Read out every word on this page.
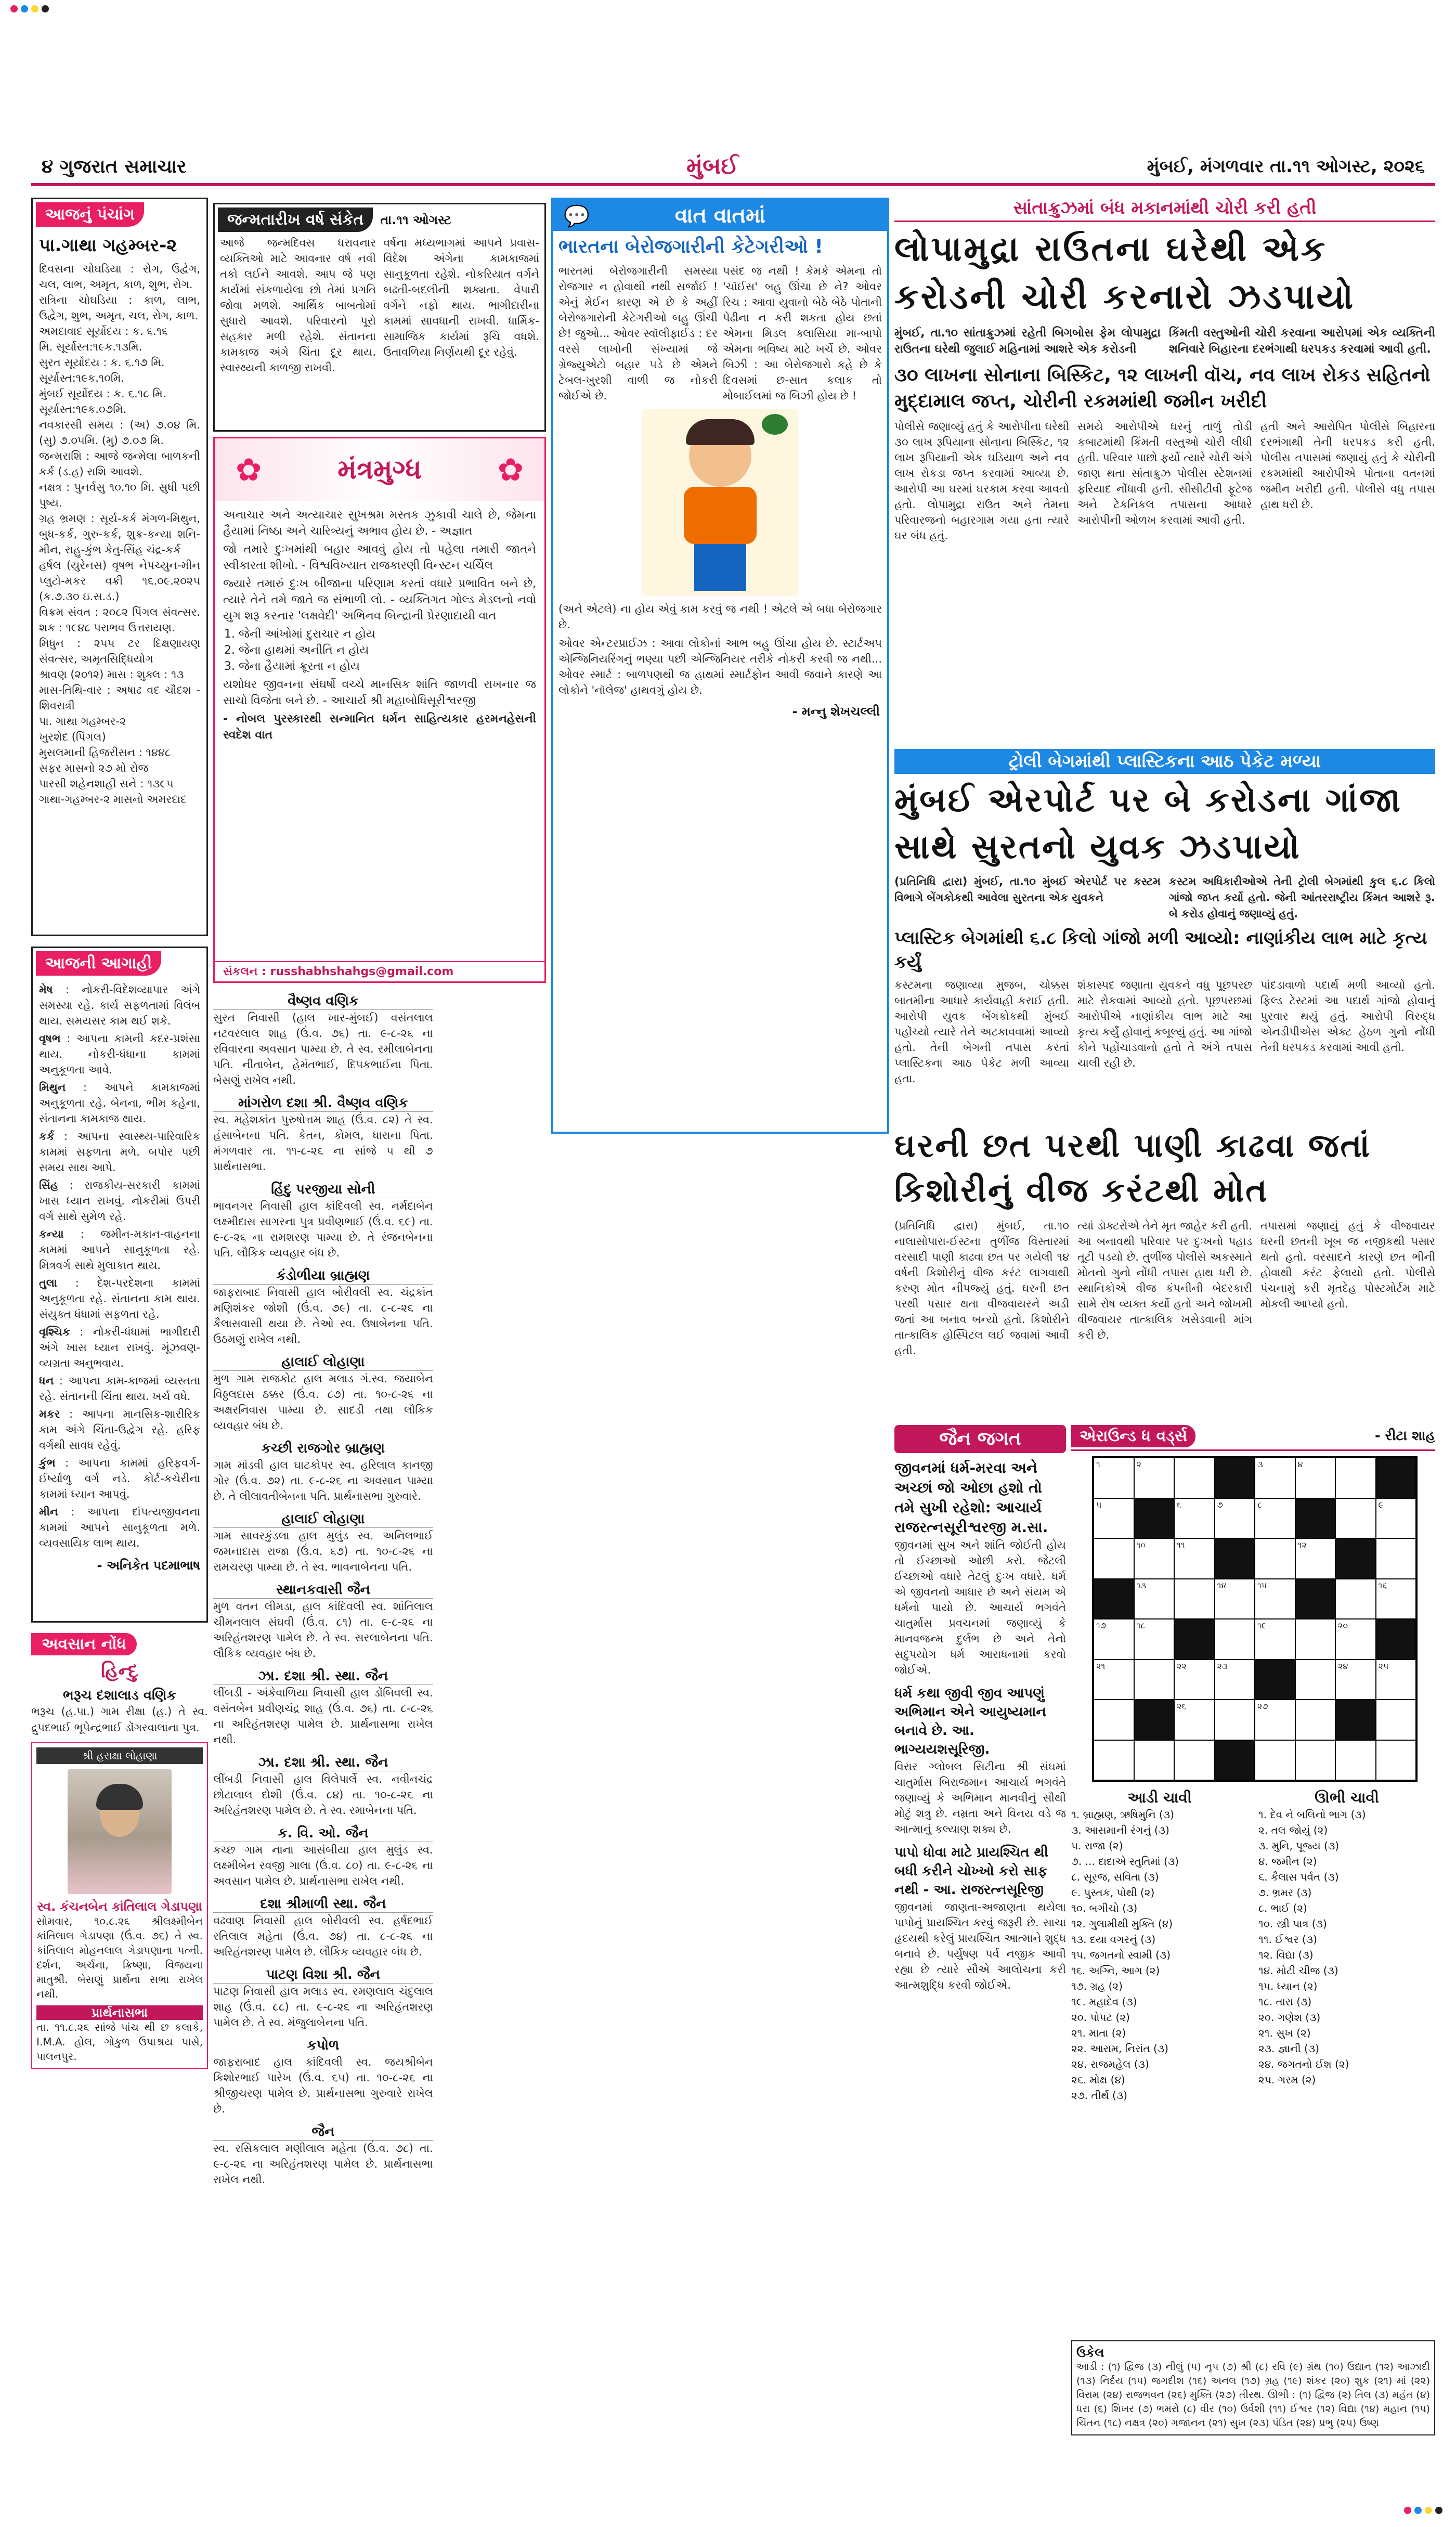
૪ ગુજરાત સમાચાર	મુંબઈ	મુંબઈ, મંગળવાર તા.૧૧ ઓગસ્ટ, ૨૦૨૬
આજનું પંચાંગ
પા.ગાથા ગહમ્બર-૨
દિવસના ચોઘડિયા : રોગ, ઉદ્વેગ, ચલ, લાભ, અમૃત, કાળ, શુભ, રોગ.
રાત્રિના ચોઘડિયા : કાળ, લાભ, ઉદ્વેગ, શુભ, અમૃત, ચલ, રોગ, કાળ.
અમદાવાદ સૂર્યોદય : ક. ૬.૧૬
મિ. સૂર્યાસ્ત:૧૯ક.૧૩મિ.
સુરત સૂર્યોદય : ક. ૬.૧૭ મિ.
સૂર્યાસ્ત:૧૯ક.૧૦મિ.
મુંબઈ સૂર્યોદય : ક. ૬.૧૮ મિ.
સૂર્યાસ્ત:૧૯ક.૦૭મિ.
નવકારસી સમય : (અ) ૭.૦૪ મિ. (સુ) ૭.૦૫મિ. (મુ) ૭.૦૭ મિ.
જન્મરાશિ : આજે જન્મેલા બાળકની કર્ક (ડ.હ) રાશિ આવશે.
નક્ષત્ર : પુનર્વસુ ૧૦.૧૦ મિ. સુધી પછી પુષ્ય.
ગ્રહ ભ્રમણ : સૂર્ય-કર્ક મંગળ-મિથુન, બુધ-કર્ક, ગુરુ-કર્ક, શુક્ર-કન્યા શનિ-મીન, રાહુ-કુંભ કેતુ-સિંહ ચંદ્ર-કર્ક
હર્ષલ (યુરેનસ) વૃષભ નેપચ્યુન-મીન પ્લુટો-મકર વક્રી ૧૬.૦૯.૨૦૨૫ (ક.૭.૩૦ ઇ.સ.ડ.)
વિક્રમ સંવત : ૨૦૮૨ પિંગલ સંવત્સર. શક : ૧૯૪૮ પરાભવ ઉત્તરાયણ.
મિધુન : ૨૫૫ ટર દિક્ષણાયણ સંવત્સર, અમૃતસિદ્ધિયોગ
શ્રાવણ (૨૦૧૨) માસ : શુક્લ : ૧૩
માસ-તિથિ-વાર : અષાઢ વદ ચૌદશ - શિવરાત્રી
પા. ગાથા ગહમ્બર-૨
ખુરશેદ (પિંગલ)
મુસલમાની હિજરીસન : ૧૪૪૮
સફર માસનો ૨૭ મો રોજ
પારસી શહેનશાહી સને : ૧૩૯૫
ગાથા-ગહમ્બર-૨ માસનો અમરદાદ
આજની આગાહી
મેષ : નોકરી-વિદેશવ્યાપાર અંગે સમસ્યા રહે. કાર્ય સફળતામાં વિલંબ થાય. સમયસર કામ થઈ શકે.
વૃષભ : આપના કામની કદર-પ્રશંસા થાય. નોકરી-ધંધાના કામમાં અનુકૂળતા આવે.
મિથુન : આપને કામકાજમાં અનુકૂળતા રહે. બેનના, ભીમ કહેના, સંતાનના કામકાજ થાય.
કર્ક : આપના સ્વાસ્થ્ય-પારિવારિક કામમાં સફળતા મળે. બપોર પછી સમય સાથ આપે.
સિંહ : રાજકીય-સરકારી કામમાં ખાસ ધ્યાન રાખવું. નોકરીમાં ઉપરી વર્ગ સાથે સુમેળ રહે.
કન્યા : જમીન-મકાન-વાહનના કામમાં આપને સાનુકૂળતા રહે. મિત્રવર્ગ સાથે મુલાકાત થાય.
તુલા : દેશ-પરદેશના કામમાં અનુકૂળતા રહે. સંતાનના કામ થાય. સંયુક્ત ધંધામાં સફળતા રહે.
વૃશ્ચિક : નોકરી-ધંધામાં ભાગીદારી અંગે ખાસ ધ્યાન રાખવું. મૂંઝવણ-વ્યગ્રતા અનુભવાય.
ધન : આપના કામ-કાજમાં વ્યસ્તતા રહે. સંતાનની ચિંતા થાય. ખર્ચ વધે.
મકર : આપના માનસિક-શારીરિક કામ અંગે ચિંતા-ઉદ્વેગ રહે. હરિફ વર્ગથી સાવધ રહેવું.
કુંભ : આપના કામમાં હરિફવર્ગ-ઈર્ષ્યાળુ વર્ગ નડે. કોર્ટ-કચેરીના કામમાં ધ્યાન આપવું.
મીન : આપના દાંપત્યજીવનના કામમાં આપને સાનુકૂળતા મળે. વ્યવસાયિક લાભ થાય.
- અનિકેત પદમાભાષ
અવસાન નોંધ
હિન્દુ
ભરૂચ દશાલાડ વણિક
ભરૂચ (હ.પા.) ગામ રીક્ષા (હ.) તે સ્વ. દ્રુપદભાઈ ભૂપેન્દ્રભાઈ ડોંગરવાલાના પુત્ર.
શ્રી હરાક્ષા લોહાણા
સ્વ. કંચનબેન કાંતિલાલ ગેડાપણા
સોમવાર, ૧૦.૮.૨૬ શ્રીલક્ષ્મીબેન કાંતિલાલ ગેડાપણા (ઉં.વ. ૭૬) તે સ્વ. કાંતિલાલ મોહનલાલ ગેડાપણાના પત્ની. દર્શન, અર્ચના, ક્રિષ્ણા, વિજયના માતુશ્રી. બેસણું પ્રાર્થના સભા રાખેલ નથી.
પ્રાર્થનાસભા
તા. ૧૧.૮.૨૬ સાંજે પાંચ થી છ કલાકે, I.M.A. હોલ, ગોકુળ ઉપાશ્રય પાસે, પાલનપુર.
જન્મતારીખ વર્ષ સંકેત	તા.૧૧ ઓગસ્ટ
આજે જન્મદિવસ ધરાવનાર વ્યક્તિઓ માટે આવનાર વર્ષ નવી તકો લઈને આવશે. આપ જે પણ કાર્યમાં સંકળાયેલા છો તેમાં પ્રગતિ જોવા મળશે. આર્થિક બાબતોમાં સુધારો આવશે. પરિવારનો પૂરો સહકાર મળી રહેશે. સંતાનના કામકાજ અંગે ચિંતા દૂર થાય. સ્વાસ્થ્યની કાળજી રાખવી.
વર્ષના મધ્યભાગમાં આપને પ્રવાસ-વિદેશ અંગેના કામકાજમાં સાનુકૂળતા રહેશે. નોકરિયાત વર્ગને બઢતી-બદલીની શક્યતા. વેપારી વર્ગને નફો થાય. ભાગીદારીના કામમાં સાવધાની રાખવી. ધાર્મિક-સામાજિક કાર્યમાં રૂચિ વધશે. ઉતાવળિયા નિર્ણયથી દૂર રહેવું.
✿	✿
મંત્રમુગ્ધ

અનાચાર અને અત્યાચાર સુખશ્રમ મસ્તક ઝુકાવી ચાલે છે, જેમના હૈયામાં નિષ્ઠા અને ચારિત્ર્યનું અભાવ હોય છે. - અજ્ઞાત

જો તમારે દુઃખમાંથી બહાર આવવું હોય તો પહેલા તમારી જાતને સ્વીકારતા શીખો. - વિશ્વવિખ્યાત રાજકારણી વિન્સ્ટન ચર્ચિલ

જ્યારે તમારું દુઃખ બીજાના પરિણામ કરતાં વધારે પ્રભાવિત બને છે, ત્યારે તેને તમે જાતે જ સંભાળી લો. - વ્યક્તિગત ગોલ્ડ મેડલનો નવો યુગ શરૂ કરનાર 'લક્ષવેદી' અભિનવ બિન્દ્રાની પ્રેરણાદાયી વાત

1. જેની આંખોમાં દુરાચાર ન હોય
2. જેના હાથમાં અનીતિ ન હોય
3. જેના હૈયામાં ક્રૂરતા ન હોય

યશોધર જીવનના સંઘર્ષો વચ્ચે માનસિક શાંતિ જાળવી રાખનાર જ સાચો વિજેતા બને છે. - આચાર્ય શ્રી મહાબોધિસૂરીશ્વરજી

- નોબલ પુરસ્કારથી સન્માનિત ધર્મન સાહિત્યકાર હરમનહેસની સ્વદેશ વાત

સંકલન : russhabhshahgs@gmail.com
💬	વાત વાતમાં
ભારતના બેરોજગારીની કેટેગરીઓ !
ભારતમાં બેરોજગારીની સમસ્યા રોજગાર ન હોવાથી નથી સર્જાઈ ! એનું મેઈન કારણ એ છે કે અહીં બેરોજગારોની કેટેગરીઓ બહુ ઊંચી છે! જુઓ... ઓવર સ્વૉલીફાઈડ : દર વરસે લાખોની સંખ્યામાં જે ગ્રેજ્યુએટો બહાર પડે છે એમને ટેબલ-ખુરશી વાળી જ નોકરી જોઈએ છે.
પસંદ જ નથી ! કેમકે એમના તો 'ચૉઈસ' બહુ ઊંચા છે ને? ઓવર રિચ : આવા યુવાનો બેઠે બેઠે પોતાની પેઢીના ન કરી શકતા હોય છતાં એમના મિડલ ક્લાસિયા મા-બાપો એમના ભવિષ્ય માટે ખર્ચે છે. ઓવર બિઝી : આ બેરોજગારો કહે છે કે દિવસમાં છ-સાત કલાક તો મોબાઈલમાં જ બિઝી હોય છે !
(અને એટલે) ના હોય એવું કામ કરવું જ નથી ! એટલે એ બધા બેરોજગાર છે.
ઓવર એન્ટરપ્રાઈઝ : આવા લોકોનાં આભ બહુ ઊંચા હોય છે. સ્ટાર્ટઅપ એન્જિનિયરિંગનું ભણ્યા પછી એન્જિનિયર તરીકે નોકરી કરવી જ નથી... ઓવર સ્માર્ટ : બાળપણથી જ હાથમાં સ્માર્ટફોન આવી જવાને કારણે આ લોકોને 'નૉલેજ' હાથવગું હોય છે.
- મન્નુ શેખચલ્લી
સાંતાક્રુઝમાં બંધ મકાનમાંથી ચોરી કરી હતી
લોપામુદ્રા રાઉતના ઘરેથી એક કરોડની ચોરી કરનારો ઝડપાયો
મુંબઈ, તા.૧૦ સાંતાક્રુઝમાં રહેતી બિગબોસ ફેમ લોપામુદ્રા રાઉતના ઘરેથી જુલાઈ મહિનામાં આશરે એક કરોડની
કિંમતી વસ્તુઓની ચોરી કરવાના આરોપમાં એક વ્યક્તિની શનિવારે બિહારના દરભંગાથી ધરપકડ કરવામાં આવી હતી.
૩૦ લાખના સોનાના બિસ્કિટ, ૧૨ લાખની વૉચ, નવ લાખ રોકડ સહિતનો મુદ્દામાલ જપ્ત, ચોરીની રકમમાંથી જમીન ખરીદી
પોલીસે જણાવ્યું હતું કે આરોપીના ઘરેથી ૩૦ લાખ રૂપિયાના સોનાના બિસ્કિટ, ૧૨ લાખ રૂપિયાની એક ઘડિયાળ અને નવ લાખ રોકડા જપ્ત કરવામાં આવ્યા છે. આરોપી આ ઘરમાં ઘરકામ કરવા આવતો હતો. લોપામુદ્રા રાઉત અને તેમના પરિવારજનો બહારગામ ગયા હતા ત્યારે ઘર બંધ હતું.
સમયે આરોપીએ ઘરનું તાળું તોડી કબાટમાંથી કિંમતી વસ્તુઓ ચોરી લીધી હતી. પરિવાર પાછો ફર્યો ત્યારે ચોરી અંગે જાણ થતા સાંતાક્રુઝ પોલીસ સ્ટેશનમાં ફરિયાદ નોંધાવી હતી. સીસીટીવી ફૂટેજ અને ટેકનિકલ તપાસના આધારે આરોપીની ઓળખ કરવામાં આવી હતી.
હતી અને આરોપિત પોલીસે બિહારના દરભંગાથી તેની ધરપકડ કરી હતી. પોલીસ તપાસમાં જણાયું હતું કે ચોરીની રકમમાંથી આરોપીએ પોતાના વતનમાં જમીન ખરીદી હતી. પોલીસે વધુ તપાસ હાથ ધરી છે.
ટ્રોલી બેગમાંથી પ્લાસ્ટિકના આઠ પેકેટ મળ્યા
મુંબઈ એરપોર્ટ પર બે કરોડના ગાંજા સાથે સુરતનો યુવક ઝડપાયો
(પ્રતિનિધિ દ્વારા) મુંબઈ, તા.૧૦ મુંબઈ એરપોર્ટ પર કસ્ટમ વિભાગે બેંગકોકથી આવેલા સુરતના એક યુવકને
કસ્ટમ અધિકારીઓએ તેની ટ્રોલી બેગમાંથી કુલ ૬.૮ કિલો ગાંજો જપ્ત કર્યો હતો. જેની આંતરરાષ્ટ્રીય કિંમત આશરે રૂ. બે કરોડ હોવાનું જણાવ્યું હતું.
પ્લાસ્ટિક બેગમાંથી ૬.૮ કિલો ગાંજો મળી આવ્યો: નાણાંકીય લાભ માટે કૃત્ય કર્યું
કસ્ટમના જણાવ્યા મુજબ, ચોક્કસ બાતમીના આધારે કાર્યવાહી કરાઈ હતી. આરોપી યુવક બેંગકોકથી મુંબઈ પહોંચ્યો ત્યારે તેને અટકાવવામાં આવ્યો હતો. તેની બેગની તપાસ કરતાં પ્લાસ્ટિકના આઠ પેકેટ મળી આવ્યા હતા.
શંકાસ્પદ જણાતા યુવકને વધુ પૂછપરછ માટે રોકવામાં આવ્યો હતો. પૂછપરછમાં આરોપીએ નાણાંકીય લાભ માટે આ કૃત્ય કર્યું હોવાનું કબૂલ્યું હતું. આ ગાંજો કોને પહોંચાડવાનો હતો તે અંગે તપાસ ચાલી રહી છે.
પાંદડાવાળો પદાર્થ મળી આવ્યો હતો. ફિલ્ડ ટેસ્ટમાં આ પદાર્થ ગાંજો હોવાનું પુરવાર થયું હતું. આરોપી વિરુદ્ધ એનડીપીએસ એક્ટ હેઠળ ગુનો નોંધી તેની ધરપકડ કરવામાં આવી હતી.
વૈષ્ણવ વણિક
સુરત નિવાસી (હાલ ખાર-મુંબઈ) વસંતલાલ નટવરલાલ શાહ (ઉં.વ. ૭૬) તા. ૯-૮-૨૬ ના રવિવારના અવસાન પામ્યા છે. તે સ્વ. રમીલાબેનના પતિ. નીતાબેન, હેમંતભાઈ, દિપકભાઈના પિતા. બેસણું રાખેલ નથી.
માંગરોળ દશા શ્રી. વૈષ્ણવ વણિક
સ્વ. મહેશકાંત પુરુષોત્તમ શાહ (ઉં.વ. ૮૨) તે સ્વ. હંસાબેનના પતિ. કેતન, કોમલ, ધારાના પિતા. મંગળવાર તા. ૧૧-૮-૨૬ ના સાંજે ૫ થી ૭ પ્રાર્થનાસભા.
હિંદુ પરજીયા સોની
ભાવનગર નિવાસી હાલ કાંદિવલી સ્વ. નર્મદાબેન લક્ષ્મીદાસ સાગરના પુત્ર પ્રવીણભાઈ (ઉં.વ. ૬૯) તા. ૯-૮-૨૬ ના રામશરણ પામ્યા છે. તે રંજનબેનના પતિ. લૌકિક વ્યવહાર બંધ છે.
કંડોળીયા બ્રાહ્મણ
જાફરાબાદ નિવાસી હાલ બોરીવલી સ્વ. ચંદ્રકાંત મણિશંકર જોશી (ઉં.વ. ૭૯) તા. ૮-૮-૨૬ ના કૈલાસવાસી થયા છે. તેઓ સ્વ. ઉષાબેનના પતિ. ઉઠમણું રાખેલ નથી.
હાલાઈ લોહાણા
મુળ ગામ રાજકોટ હાલ મલાડ ગં.સ્વ. જયાબેન વિઠ્ઠલદાસ ઠક્કર (ઉં.વ. ૮૭) તા. ૧૦-૮-૨૬ ના અક્ષરનિવાસ પામ્યા છે. સાદડી તથા લૌકિક વ્યવહાર બંધ છે.
કચ્છી રાજગોર બ્રાહ્મણ
ગામ માંડવી હાલ ઘાટકોપર સ્વ. હરિલાલ કાનજી ગોર (ઉં.વ. ૭૨) તા. ૯-૮-૨૬ ના અવસાન પામ્યા છે. તે લીલાવતીબેનના પતિ. પ્રાર્થનાસભા ગુરુવારે.
હાલાઈ લોહાણા
ગામ સાવરકુંડલા હાલ મુલુંડ સ્વ. અનિલભાઈ જમનાદાસ રાજા (ઉં.વ. ૬૭) તા. ૧૦-૮-૨૬ ના રામચરણ પામ્યા છે. તે સ્વ. ભાવનાબેનના પતિ.
સ્થાનકવાસી જૈન
મુળ વતન લીમડા, હાલ કાંદિવલી સ્વ. શાંતિલાલ ચીમનલાલ સંઘવી (ઉં.વ. ૮૧) તા. ૯-૮-૨૬ ના અરિહંતશરણ પામેલ છે. તે સ્વ. સરલાબેનના પતિ. લૌકિક વ્યવહાર બંધ છે.
ઝા. દશા શ્રી. સ્થા. જૈન
લીંબડી - અંકેવાળિયા નિવાસી હાલ ડોંબિવલી સ્વ. વસંતબેન પ્રવીણચંદ્ર શાહ (ઉં.વ. ૭૬) તા. ૮-૮-૨૬ ના અરિહંતશરણ પામેલ છે. પ્રાર્થનાસભા રાખેલ નથી.
ઝા. દશા શ્રી. સ્થા. જૈન
લીંબડી નિવાસી હાલ વિલેપાર્લે સ્વ. નવીનચંદ્ર છોટાલાલ દોશી (ઉં.વ. ૮૪) તા. ૧૦-૮-૨૬ ના અરિહંતશરણ પામેલ છે. તે સ્વ. રમાબેનના પતિ.
ક. વિ. ઓ. જૈન
કચ્છ ગામ નાના આસંબીયા હાલ મુલુંડ સ્વ. લક્ષ્મીબેન રવજી ગાલા (ઉં.વ. ૮૦) તા. ૯-૮-૨૬ ના અવસાન પામેલ છે. પ્રાર્થનાસભા રાખેલ નથી.
દશા શ્રીમાળી સ્થા. જૈન
વઢવાણ નિવાસી હાલ બોરીવલી સ્વ. હર્ષદભાઈ રતિલાલ મહેતા (ઉં.વ. ૭૪) તા. ૮-૮-૨૬ ના અરિહંતશરણ પામેલ છે. લૌકિક વ્યવહાર બંધ છે.
પાટણ વિશા શ્રી. જૈન
પાટણ નિવાસી હાલ મલાડ સ્વ. રમણલાલ ચંદુલાલ શાહ (ઉં.વ. ૮૮) તા. ૯-૮-૨૬ ના અરિહંતશરણ પામેલ છે. તે સ્વ. મંજુલાબેનના પતિ.
કપોળ
જાફરાબાદ હાલ કાંદિવલી સ્વ. જયશ્રીબેન કિશોરભાઈ પારેખ (ઉં.વ. ૬૫) તા. ૧૦-૮-૨૬ ના શ્રીજીચરણ પામેલ છે. પ્રાર્થનાસભા ગુરુવારે રાખેલ છે.
જૈન
સ્વ. રસિકલાલ મણીલાલ મહેતા (ઉં.વ. ૭૮) તા. ૯-૮-૨૬ ના અરિહંતશરણ પામેલ છે. પ્રાર્થનાસભા રાખેલ નથી.
ઘરની છત પરથી પાણી કાઢવા જતાં કિશોરીનું વીજ કરંટથી મોત
(પ્રતિનિધિ દ્વારા) મુંબઈ, તા.૧૦ નાલાસોપારા-ઈસ્ટના તુળીંજ વિસ્તારમાં વરસાદી પાણી કાઢવા છત પર ગયેલી ૧૪ વર્ષની કિશોરીનું વીજ કરંટ લાગવાથી કરુણ મોત નીપજ્યું હતું. ઘરની છત પરથી પસાર થતા વીજવાયરને અડી જતાં આ બનાવ બન્યો હતો. કિશોરીને તાત્કાલિક હોસ્પિટલ લઈ જવામાં આવી હતી.
ત્યાં ડૉક્ટરોએ તેને મૃત જાહેર કરી હતી. આ બનાવથી પરિવાર પર દુઃખનો પહાડ તૂટી પડયો છે. તુળીંજ પોલીસે અકસ્માતે મોતનો ગુનો નોંધી તપાસ હાથ ધરી છે. સ્થાનિકોએ વીજ કંપનીની બેદરકારી સામે રોષ વ્યક્ત કર્યો હતો અને જોખમી વીજવાયર તાત્કાલિક ખસેડવાની માંગ કરી છે.
તપાસમાં જણાયું હતું કે વીજવાયર ઘરની છતની ખૂબ જ નજીકથી પસાર થતો હતો. વરસાદને કારણે છત ભીની હોવાથી કરંટ ફેલાયો હતો. પોલીસે પંચનામું કરી મૃતદેહ પોસ્ટમોર્ટમ માટે મોકલી આપ્યો હતો.
જૈન જગત
જીવનમાં ધર્મ-મરવા અને અચ્છાં જો ઓછા હશો તો તમે સુખી રહેશો: આચાર્ય રાજરત્નસૂરીશ્વરજી મ.સા.
જીવનમાં સુખ અને શાંતિ જોઈતી હોય તો ઈચ્છાઓ ઓછી કરો. જેટલી ઈચ્છાઓ વધારે તેટલું દુઃખ વધારે. ધર્મ એ જીવનનો આધાર છે અને સંયમ એ ધર્મનો પાયો છે. આચાર્ય ભગવંતે ચાતુર્માસ પ્રવચનમાં જણાવ્યું કે માનવજન્મ દુર્લભ છે અને તેનો સદુપયોગ ધર્મ આરાધનામાં કરવો જોઈએ.
ધર્મ કથા જીવી જીવ આપણું અભિમાન એને આયુષ્યમાન બનાવે છે. આ. ભાગ્યયશસૂરિજી.
વિરાર ગ્લોબલ સિટીના શ્રી સંઘમાં ચાતુર્માસ બિરાજમાન આચાર્ય ભગવંતે જણાવ્યું કે અભિમાન માનવીનું સૌથી મોટું શત્રુ છે. નમ્રતા અને વિનય વડે જ આત્માનું કલ્યાણ શક્ય છે.
પાપો ધોવા માટે પ્રાયશ્ચિત થી બધી કરીને ચોખ્ખો કરો સાફ નથી - આ. રાજરત્નસૂરિજી
જીવનમાં જાણતા-અજાણતા થયેલા પાપોનું પ્રાયશ્ચિત કરવું જરૂરી છે. સાચા હૃદયથી કરેલું પ્રાયશ્ચિત આત્માને શુદ્ધ બનાવે છે. પર્યુષણ પર્વ નજીક આવી રહ્યા છે ત્યારે સૌએ આલોચના કરી આત્મશુદ્ધિ કરવી જોઈએ.
એરાઉન્ડ ધ વર્ડ્સ	- રીટા શાહ
૧	૨	૩	૪
૫	૬	૭	૮	૯
૧૦	૧૧	૧૨
૧૩	૧૪	૧૫	૧૬
૧૭	૧૮	૧૯	૨૦
૨૧	૨૨	૨૩	૨૪	૨૫
૨૬	૨૭
આડી ચાવી
૧. બ્રાહ્મણ, ઋષિમુનિ (૩)
૩. આસમાની રંગનું (૩)
૫. રાજા (૨)
૭. ... દાદાએ સ્તુતિમાં (૩)
૮. સૂરજ, સવિતા (૩)
૯. પુસ્તક, પોથી (૨)
૧૦. બગીચો (૩)
૧૨. ગુલામીથી મુક્તિ (૪)
૧૩. દયા વગરનું (૩)
૧૫. જગતનો સ્વામી (૩)
૧૬. અગ્નિ, આગ (૨)
૧૭. ગ્રહ (૨)
૧૯. મહાદેવ (૩)
૨૦. પોપટ (૨)
૨૧. માતા (૨)
૨૨. આરામ, નિરાંત (૩)
૨૪. રાજમહેલ (૩)
૨૬. મોક્ષ (૪)
૨૭. તીર્થ (૩)
ઊભી ચાવી
૧. દેવ ને બલિનો ભાગ (૩)
૨. તલ જોયું (૨)
૩. મુનિ, પૂજ્ય (૩)
૪. જમીન (૨)
૬. કૈલાસ પર્વત (૩)
૭. ભ્રમર (૩)
૮. ભાઈ (૨)
૧૦. સ્ત્રી પાત્ર (૩)
૧૧. ઈશ્વર (૩)
૧૨. વિદ્યા (૩)
૧૪. મોટી ચીજ (૩)
૧૫. ધ્યાન (૨)
૧૮. તારા (૩)
૨૦. ગણેશ (૩)
૨૧. સુખ (૨)
૨૩. જ્ઞાની (૩)
૨૪. જગતનો ઈશ (૨)
૨૫. ગરમ (૨)
ઉકેલ
આડી : (૧) દ્વિજ (૩) નીલું (૫) નૃપ (૭) શ્રી (૮) રવિ (૯) ગ્રંથ (૧૦) ઉદ્યાન (૧૨) આઝાદી (૧૩) નિર્દય (૧૫) જગદીશ (૧૬) અનલ (૧૭) ગ્રહ (૧૯) શંકર (૨૦) શુક (૨૧) માં (૨૨) વિરામ (૨૪) રાજભવન (૨૬) મુક્તિ (૨૭) તીરથ. ઊભી : (૧) દ્વિજ (૨) તિલ (૩) મહંત (૪) ધરા (૬) શિખર (૭) ભમરો (૮) વીર (૧૦) ઉર્વશી (૧૧) ઈશ્વર (૧૨) વિદ્યા (૧૪) મહાન (૧૫) ચિંતન (૧૮) નક્ષત્ર (૨૦) ગજાનન (૨૧) સુખ (૨૩) પંડિત (૨૪) પ્રભુ (૨૫) ઉષ્ણ
